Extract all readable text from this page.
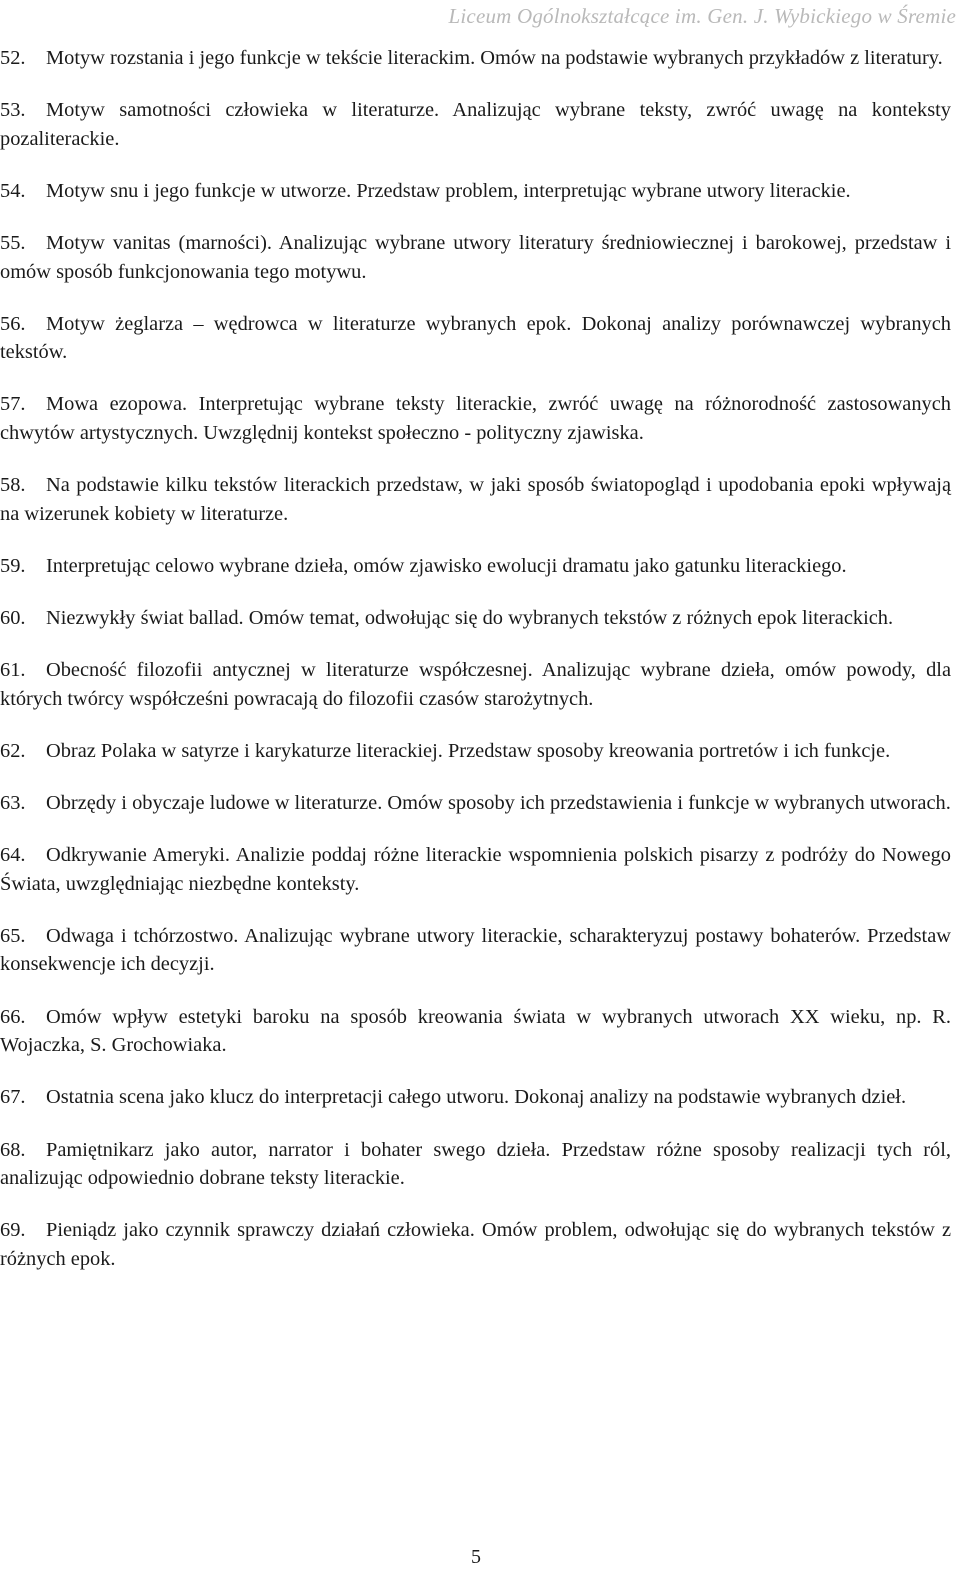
Liceum Ogólnokształcące im. Gen. J. Wybickiego w Śremie
52. Motyw rozstania i jego funkcje w tekście literackim. Omów na podstawie wybranych przykładów z literatury.
53. Motyw samotności człowieka w literaturze. Analizując wybrane teksty, zwróć uwagę na konteksty pozaliterackie.
54. Motyw snu i jego funkcje w utworze. Przedstaw problem, interpretując wybrane utwory literackie.
55. Motyw vanitas (marności). Analizując wybrane utwory literatury średniowiecznej i barokowej, przedstaw i omów sposób funkcjonowania tego motywu.
56. Motyw żeglarza – wędrowca w literaturze wybranych epok. Dokonaj analizy porównawczej wybranych tekstów.
57. Mowa ezopowa. Interpretując wybrane teksty literackie, zwróć uwagę na różnorodność zastosowanych chwytów artystycznych. Uwzględnij kontekst społeczno - polityczny zjawiska.
58. Na podstawie kilku tekstów literackich przedstaw, w jaki sposób światopogląd i upodobania epoki wpływają na wizerunek kobiety w literaturze.
59. Interpretując celowo wybrane dzieła, omów zjawisko ewolucji dramatu jako gatunku literackiego.
60. Niezwykły świat ballad. Omów temat, odwołując się do wybranych tekstów z różnych epok literackich.
61. Obecność filozofii antycznej w literaturze współczesnej. Analizując wybrane dzieła, omów powody, dla których twórcy współcześni powracają do filozofii czasów starożytnych.
62. Obraz Polaka w satyrze i karykaturze literackiej. Przedstaw sposoby kreowania portretów i ich funkcje.
63. Obrzędy i obyczaje ludowe w literaturze. Omów sposoby ich przedstawienia i funkcje w wybranych utworach.
64. Odkrywanie Ameryki. Analizie poddaj różne literackie wspomnienia polskich pisarzy z podróży do Nowego Świata, uwzględniając niezbędne konteksty.
65. Odwaga i tchórzostwo. Analizując wybrane utwory literackie, scharakteryzuj postawy bohaterów. Przedstaw konsekwencje ich decyzji.
66. Omów wpływ estetyki baroku na sposób kreowania świata w wybranych utworach XX wieku, np. R. Wojaczka, S. Grochowiaka.
67. Ostatnia scena jako klucz do interpretacji całego utworu. Dokonaj analizy na podstawie wybranych dzieł.
68. Pamiętnikarz jako autor, narrator i bohater swego dzieła. Przedstaw różne sposoby realizacji tych ról, analizując odpowiednio dobrane teksty literackie.
69. Pieniądz jako czynnik sprawczy działań człowieka. Omów problem, odwołując się do wybranych tekstów z różnych epok.
5
